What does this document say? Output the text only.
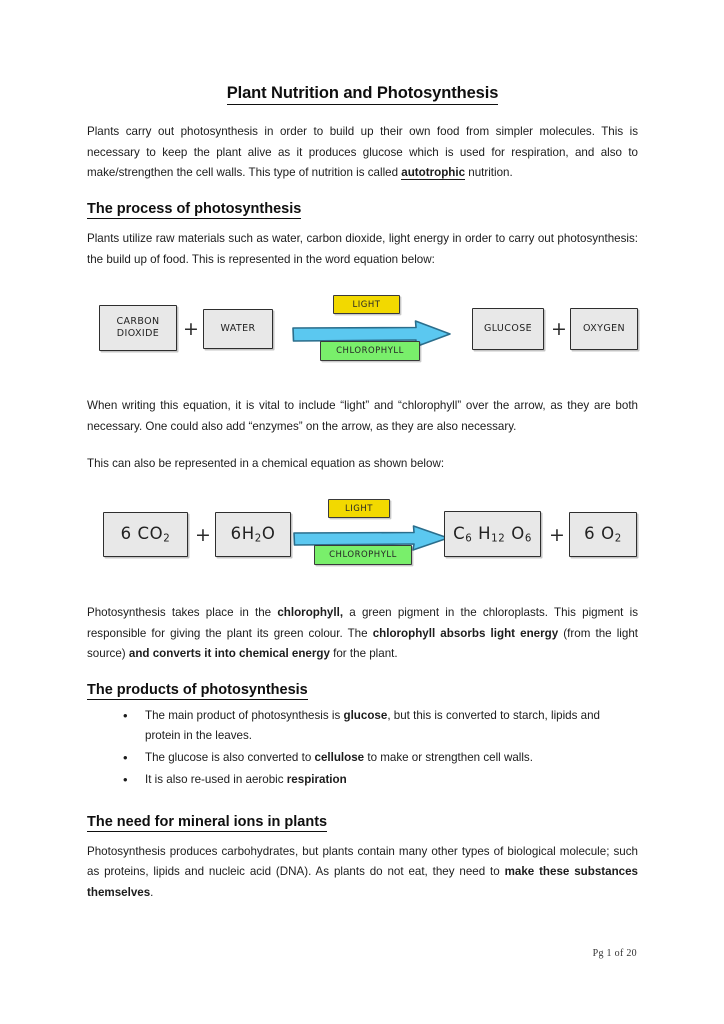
Plant Nutrition and Photosynthesis

Plants carry out photosynthesis in order to build up their own food from simpler molecules. This is necessary to keep the plant alive as it produces glucose which is used for respiration, and also to make/strengthen the cell walls. This type of nutrition is called autotrophic nutrition.

The process of photosynthesis

Plants utilize raw materials such as water, carbon dioxide, light energy in order to carry out photosynthesis: the build up of food. This is represented in the word equation below:

CARBON DIOXIDE	+ WATER
LIGHT
CHLOROPHYLL
GLUCOSE + OXYGEN

When writing this equation, it is vital to include “light” and “chlorophyll” over the arrow, as they are both necessary. One could also add “enzymes” on the arrow, as they are also necessary.

This can also be represented in a chemical equation as shown below:

6 $CO_2 + 6H_2O$
LIGHT
CHLOROPHYLL
$C_6$ $H_{12}$ $O_6 + 6$ $O_2$

Photosynthesis takes place in the chlorophyll, a green pigment in the chloroplasts. This pigment is responsible for giving the plant its green colour. The chlorophyll absorbs light energy (from the light source) and converts it into chemical energy for the plant.

The products of photosynthesis
• The main product of photosynthesis is glucose, but this is converted to starch, lipids and protein in the leaves.
• The glucose is also converted to cellulose to make or strengthen cell walls.
• It is also re-used in aerobic respiration
The need for mineral ions in plants

Photosynthesis produces carbohydrates, but plants contain many other types of biological molecule; such as proteins, lipids and nucleic acid (DNA). As plants do not eat, they need to make these substances themselves.

Pg 1 of 20
